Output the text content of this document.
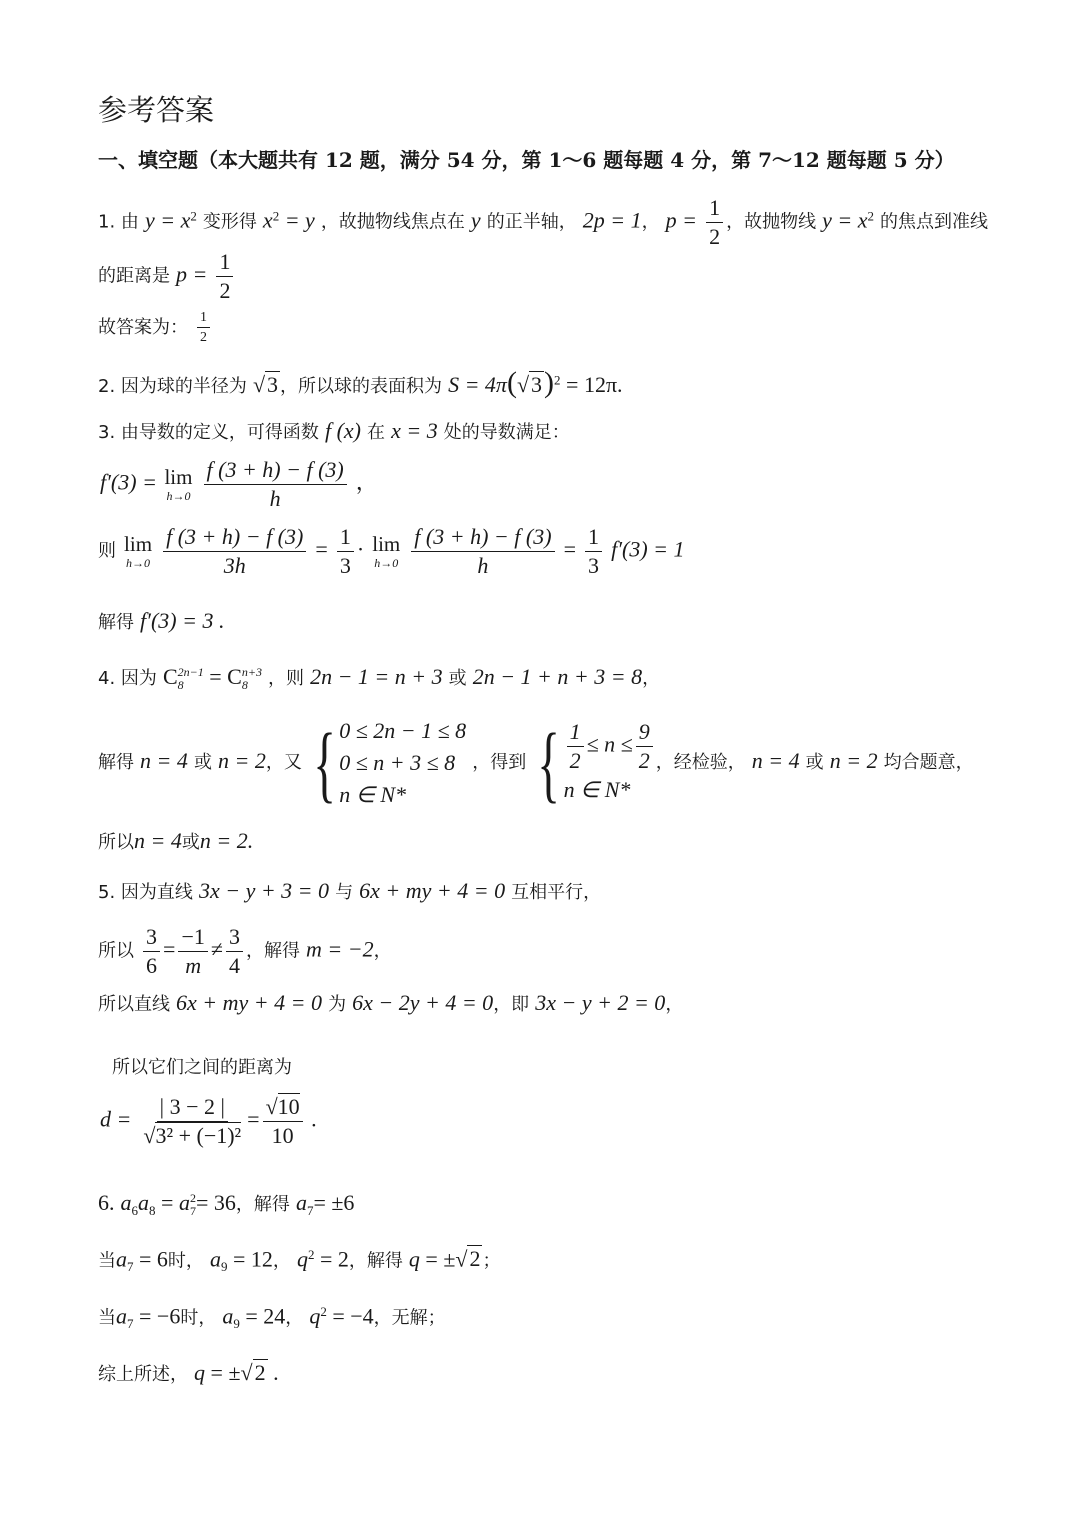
参考答案
一、填空题（本大题共有 12 题，满分 54 分，第 1～6 题每题 4 分，第 7～12 题每题 5 分）
1. 由 $y = x^2$ 变形得 $x^2 = y$ ，故抛物线焦点在 y 的正半轴， 2p = 1， $p = \frac{1}{2}$ ，故抛物线 $y = x^2$ 的焦点到准线
的距离是 $p = \frac{1}{2}$
故答案为： $\frac{1}{2}$
2. 因为球的半径为 √3 ，所以球的表面积为 $S = 4\pi(√3)^2 = 12\pi$.
3. 由导数的定义，可得函数 f (x) 在 x = 3 处的导数满足：
f′(3) = lim
h→0
$\frac{f (3 + h) - f (3)}{h}$ ，
则 lim
h→0
$\frac{f (3 + h) - f (3)}{3h} = \frac{1}{3} \cdot \lim$
h→0
$\frac{f (3 + h) - f (3)}{h} = \frac{1}{3} f'(3) = 1$
解得 f′(3) = 3 .
4. 因为 C 2n−1
8 = C n+3
8	，则 2n − 1 = n + 3 或 2n − 1 + n + 3 = 8，
解得 n = 4 或 n = 2，又 { 0 ≤ 2n − 1 ≤ 8
0 ≤ n + 3 ≤ 8
n ∈ N*
，得到 { $\frac{1}{2} \le n \le \frac{9}{2}$
n ∈ N*
，经检验， n = 4 或 n = 2 均合题意，
所以n = 4或n = 2.
5. 因为直线 3x − y + 3 = 0 与 6x + my + 4 = 0 互相平行，
所以 $\frac{3}{6} = \frac{-1}{m} \ne \frac{3}{4}$ ，解得 m = −2，
所以直线 6x + my + 4 = 0 为 6x − 2y + 4 = 0，即 3x − y + 2 = 0，
所以它们之间的距离为
$d = \frac{| 3 - 2 |}{\text{√3² + (−1)²}} = \frac{√10}{10}$ .
6. $a_6a_8 = a$ 2
7 = 36，解得 $a_7= \pm 6$
当$a_7 = 6$时， $a_9 = 12$， $q^2 = 2$，解得 q = ±√2 ；
当$a_7 = -6$时， $a_9 = 24$， $q^2 = -4$，无解；
综上所述， q = ±√2 .
